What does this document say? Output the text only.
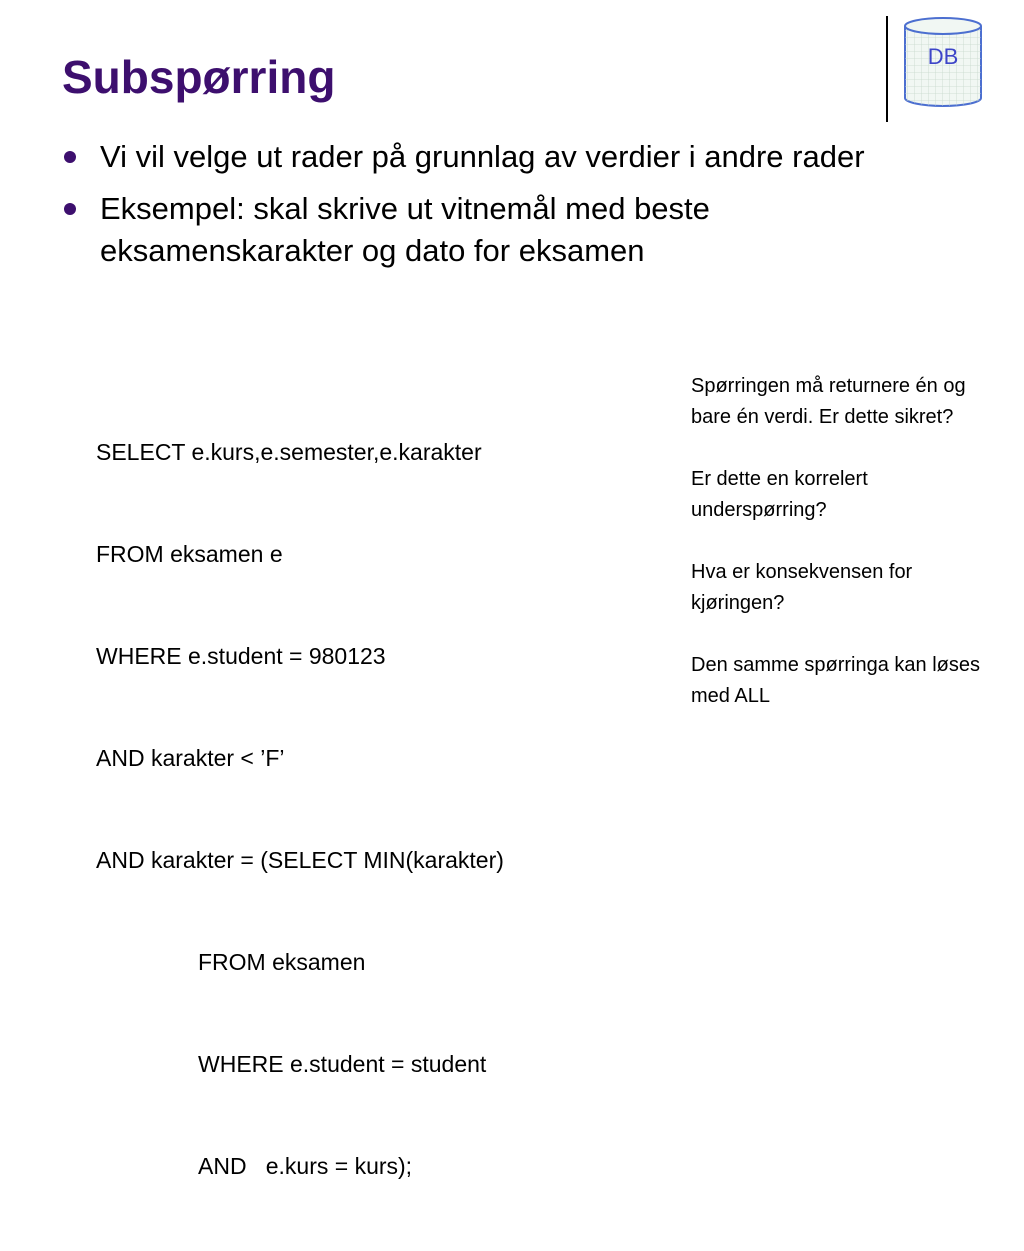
Subspørring	DB
Vi vil velge ut rader på grunnlag av verdier i andre rader
Eksempel: skal skrive ut vitnemål med beste eksamenskarakter og dato for eksamen

SELECT e.kurs,e.semester,e.karakter

FROM eksamen e

WHERE e.student = 980123

AND karakter < ’F’

AND karakter = (SELECT MIN(karakter)

FROM eksamen

WHERE e.student = student

AND   e.kurs = kurs);

Spørringen må returnere én og bare én verdi. Er dette sikret?

Er dette en korrelert underspørring?

Hva er konsekvensen for kjøringen?

Den samme spørringa kan løses med ALL
